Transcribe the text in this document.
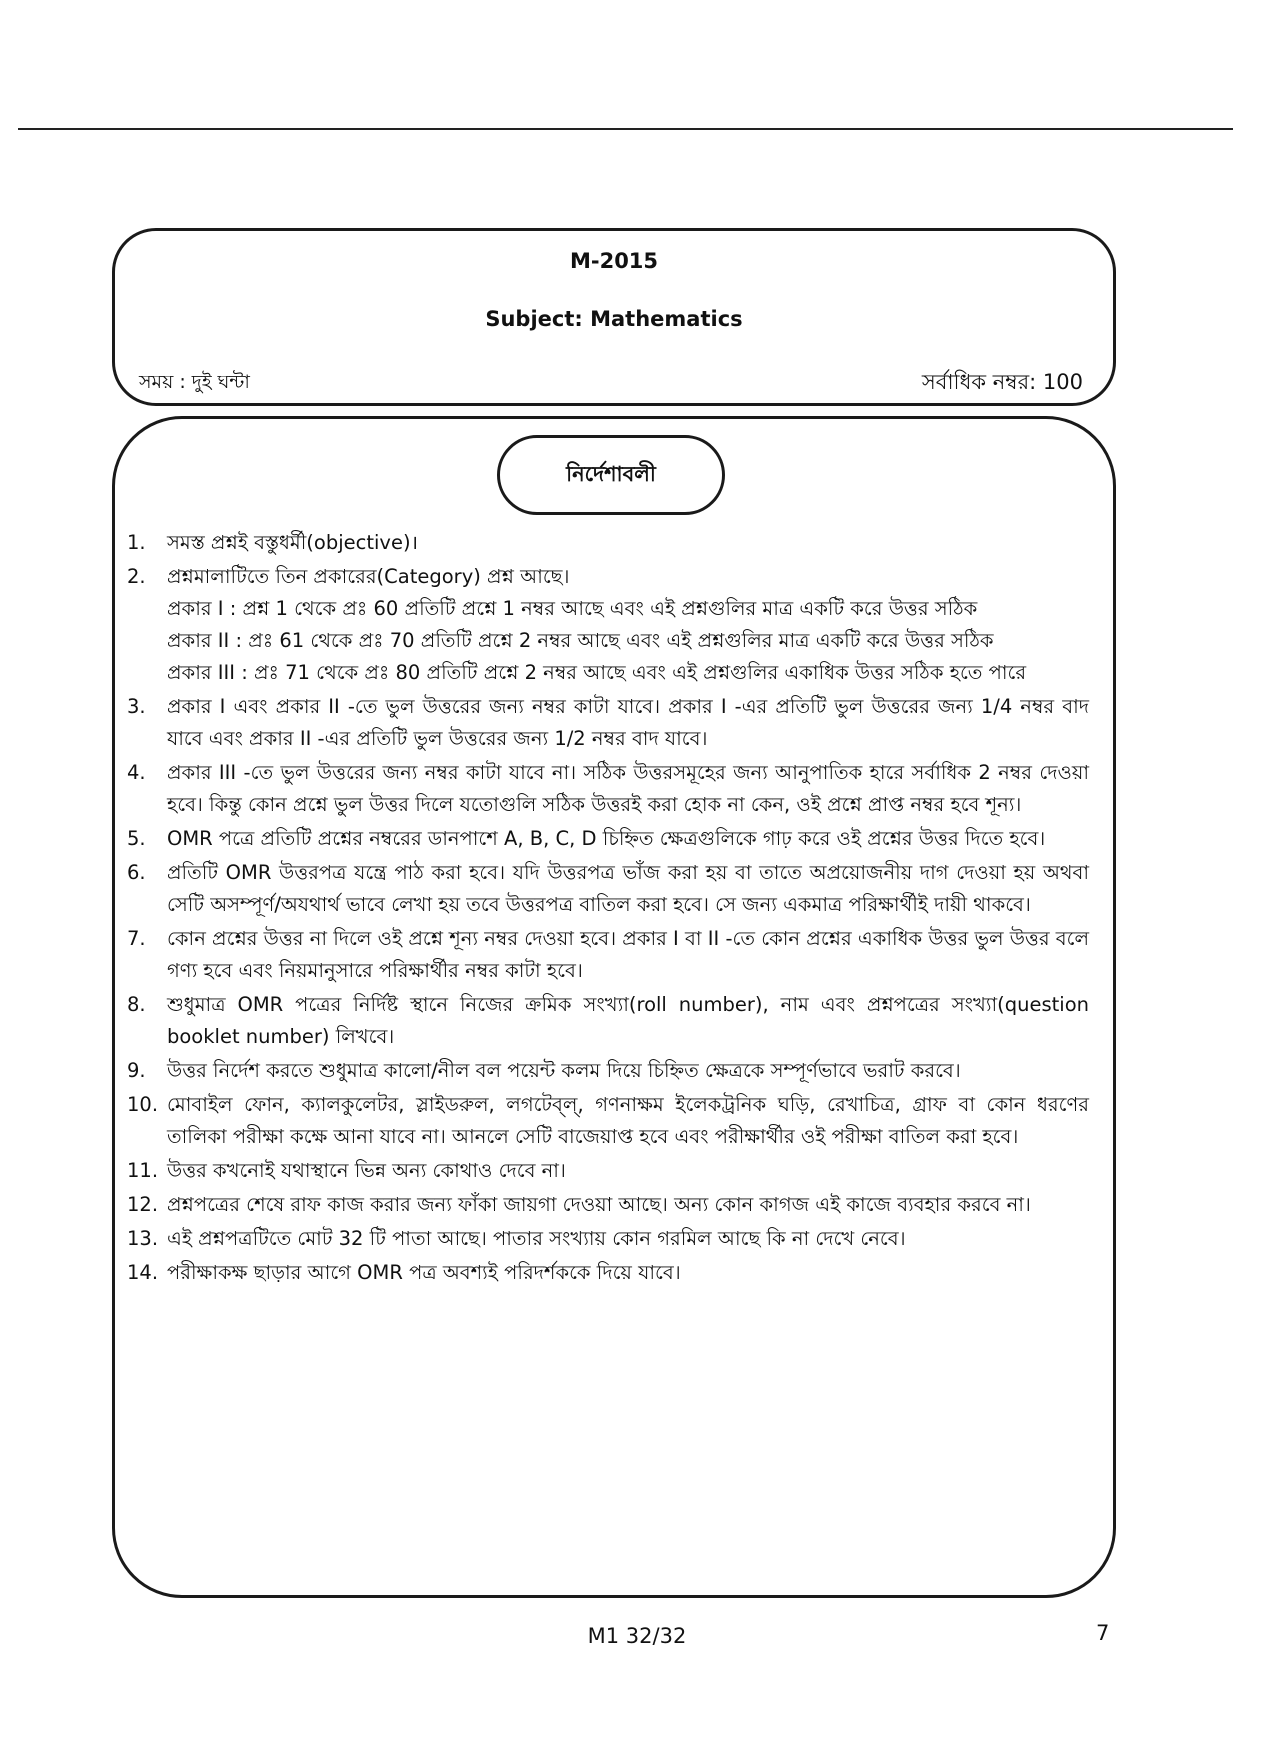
M-2015
Subject: Mathematics
সময় : দুই ঘন্টা	সর্বাধিক নম্বর: 100
নির্দেশাবলী
1.	সমস্ত প্রশ্নই বস্তুধর্মী(objective)।
2.	প্রশ্নমালাটিতে তিন প্রকারের(Category) প্রশ্ন আছে।
প্রকার I : প্রশ্ন 1 থেকে প্রঃ 60 প্রতিটি প্রশ্নে 1 নম্বর আছে এবং এই প্রশ্নগুলির মাত্র একটি করে উত্তর সঠিক
প্রকার II : প্রঃ 61 থেকে প্রঃ 70 প্রতিটি প্রশ্নে 2 নম্বর আছে এবং এই প্রশ্নগুলির মাত্র একটি করে উত্তর সঠিক
প্রকার III : প্রঃ 71 থেকে প্রঃ 80 প্রতিটি প্রশ্নে 2 নম্বর আছে এবং এই প্রশ্নগুলির একাধিক উত্তর সঠিক হতে পারে
3.	প্রকার I এবং প্রকার II -তে ভুল উত্তরের জন্য নম্বর কাটা যাবে। প্রকার I -এর প্রতিটি ভুল উত্তরের জন্য 1/4 নম্বর বাদ যাবে এবং প্রকার II -এর প্রতিটি ভুল উত্তরের জন্য 1/2 নম্বর বাদ যাবে।
4.	প্রকার III -তে ভুল উত্তরের জন্য নম্বর কাটা যাবে না। সঠিক উত্তরসমূহের জন্য আনুপাতিক হারে সর্বাধিক 2 নম্বর দেওয়া হবে। কিন্তু কোন প্রশ্নে ভুল উত্তর দিলে যতোগুলি সঠিক উত্তরই করা হোক না কেন, ওই প্রশ্নে প্রাপ্ত নম্বর হবে শূন্য।
5.	OMR পত্রে প্রতিটি প্রশ্নের নম্বরের ডানপাশে A, B, C, D চিহ্নিত ক্ষেত্রগুলিকে গাঢ় করে ওই প্রশ্নের উত্তর দিতে হবে।
6.	প্রতিটি OMR উত্তরপত্র যন্ত্রে পাঠ করা হবে। যদি উত্তরপত্র ভাঁজ করা হয় বা তাতে অপ্রয়োজনীয় দাগ দেওয়া হয় অথবা সেটি অসম্পূর্ণ/অযথার্থ ভাবে লেখা হয় তবে উত্তরপত্র বাতিল করা হবে। সে জন্য একমাত্র পরিক্ষার্থীই দায়ী থাকবে।
7.	কোন প্রশ্নের উত্তর না দিলে ওই প্রশ্নে শূন্য নম্বর দেওয়া হবে। প্রকার I বা II -তে কোন প্রশ্নের একাধিক উত্তর ভুল উত্তর বলে গণ্য হবে এবং নিয়মানুসারে পরিক্ষার্থীর নম্বর কাটা হবে।
8.	শুধুমাত্র OMR পত্রের নির্দিষ্ট স্থানে নিজের ক্রমিক সংখ্যা(roll number), নাম এবং প্রশ্নপত্রের সংখ্যা(question booklet number) লিখবে।
9.	উত্তর নির্দেশ করতে শুধুমাত্র কালো/নীল বল পয়েন্ট কলম দিয়ে চিহ্নিত ক্ষেত্রকে সম্পূর্ণভাবে ভরাট করবে।
10. মোবাইল ফোন, ক্যালকুলেটর, স্লাইডরুল, লগটেব্‌ল্‌, গণনাক্ষম ইলেকট্রনিক ঘড়ি, রেখাচিত্র, গ্রাফ বা কোন ধরণের তালিকা পরীক্ষা কক্ষে আনা যাবে না। আনলে সেটি বাজেয়াপ্ত হবে এবং পরীক্ষার্থীর ওই পরীক্ষা বাতিল করা হবে।
11. উত্তর কখনোই যথাস্থানে ভিন্ন অন্য কোথাও দেবে না।
12. প্রশ্নপত্রের শেষে রাফ কাজ করার জন্য ফাঁকা জায়গা দেওয়া আছে। অন্য কোন কাগজ এই কাজে ব্যবহার করবে না।
13. এই প্রশ্নপত্রটিতে মোট 32 টি পাতা আছে। পাতার সংখ্যায় কোন গরমিল আছে কি না দেখে নেবে।
14. পরীক্ষাকক্ষ ছাড়ার আগে OMR পত্র অবশ্যই পরিদর্শককে দিয়ে যাবে।
M1 32/32	7
